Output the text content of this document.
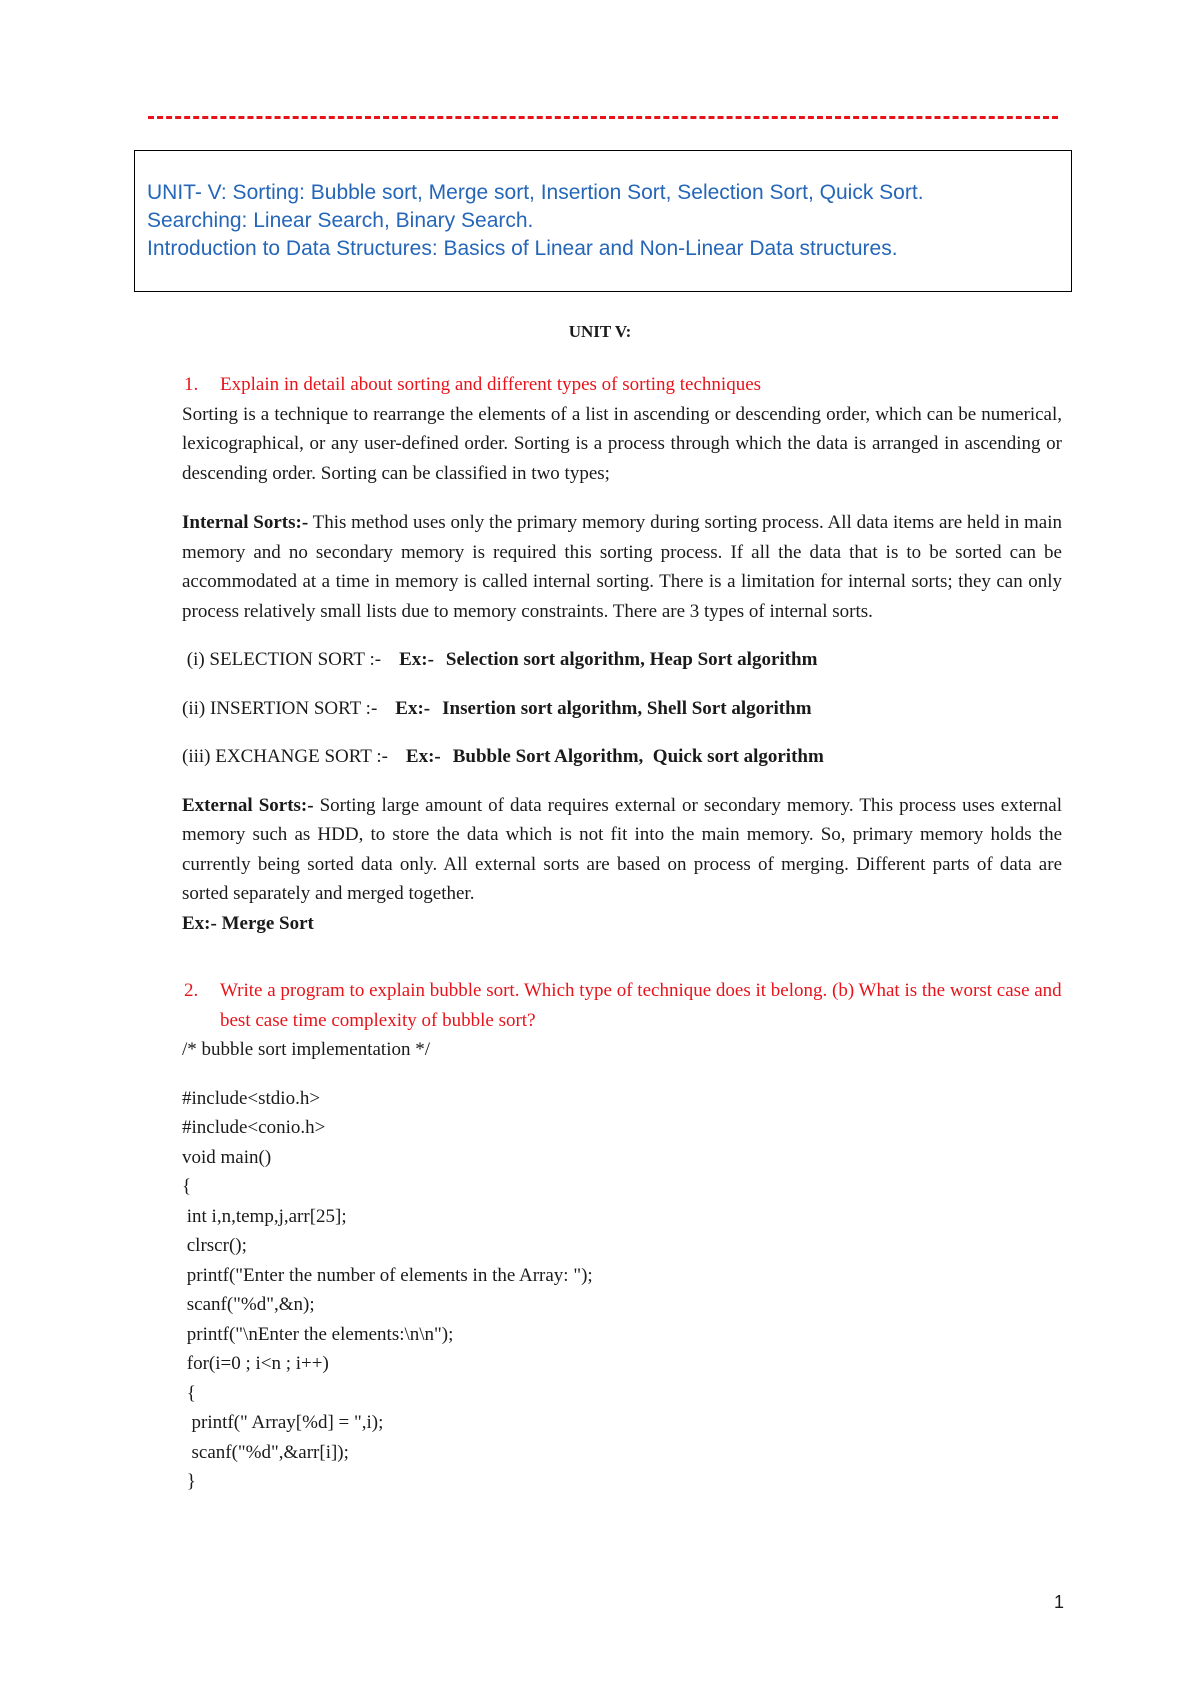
UNIT- V: Sorting: Bubble sort, Merge sort, Insertion Sort, Selection Sort, Quick Sort.
Searching: Linear Search, Binary Search.
Introduction to Data Structures: Basics of Linear and Non-Linear Data structures.
UNIT V:
1. Explain in detail about sorting and different types of sorting techniques

Sorting is a technique to rearrange the elements of a list in ascending or descending order, which can be numerical, lexicographical, or any user-defined order. Sorting is a process through which the data is arranged in ascending or descending order. Sorting can be classified in two types;

Internal Sorts:- This method uses only the primary memory during sorting process. All data items are held in main memory and no secondary memory is required this sorting process. If all the data that is to be sorted can be accommodated at a time in memory is called internal sorting. There is a limitation for internal sorts; they can only process relatively small lists due to memory constraints. There are 3 types of internal sorts.

(i) SELECTION SORT :- Ex:- Selection sort algorithm, Heap Sort algorithm
(ii) INSERTION SORT :- Ex:- Insertion sort algorithm, Shell Sort algorithm
(iii) EXCHANGE SORT :- Ex:- Bubble Sort Algorithm,  Quick sort algorithm

External Sorts:- Sorting large amount of data requires external or secondary memory. This process uses external memory such as HDD, to store the data which is not fit into the main memory. So, primary memory holds the currently being sorted data only. All external sorts are based on process of merging. Different parts of data are sorted separately and merged together.

Ex:- Merge Sort

2. Write a program to explain bubble sort. Which type of technique does it belong. (b) What is the worst case and best case time complexity of bubble sort?
/* bubble sort implementation */
#include<stdio.h>
#include<conio.h>
void main()
{
int i,n,temp,j,arr[25];
clrscr();
printf("Enter the number of elements in the Array: ");
scanf("%d",&n);
printf("\nEnter the elements:\n\n");
for(i=0 ; i<n ; i++)
{
printf(" Array[%d] = ",i);
scanf("%d",&arr[i]);
}
1
